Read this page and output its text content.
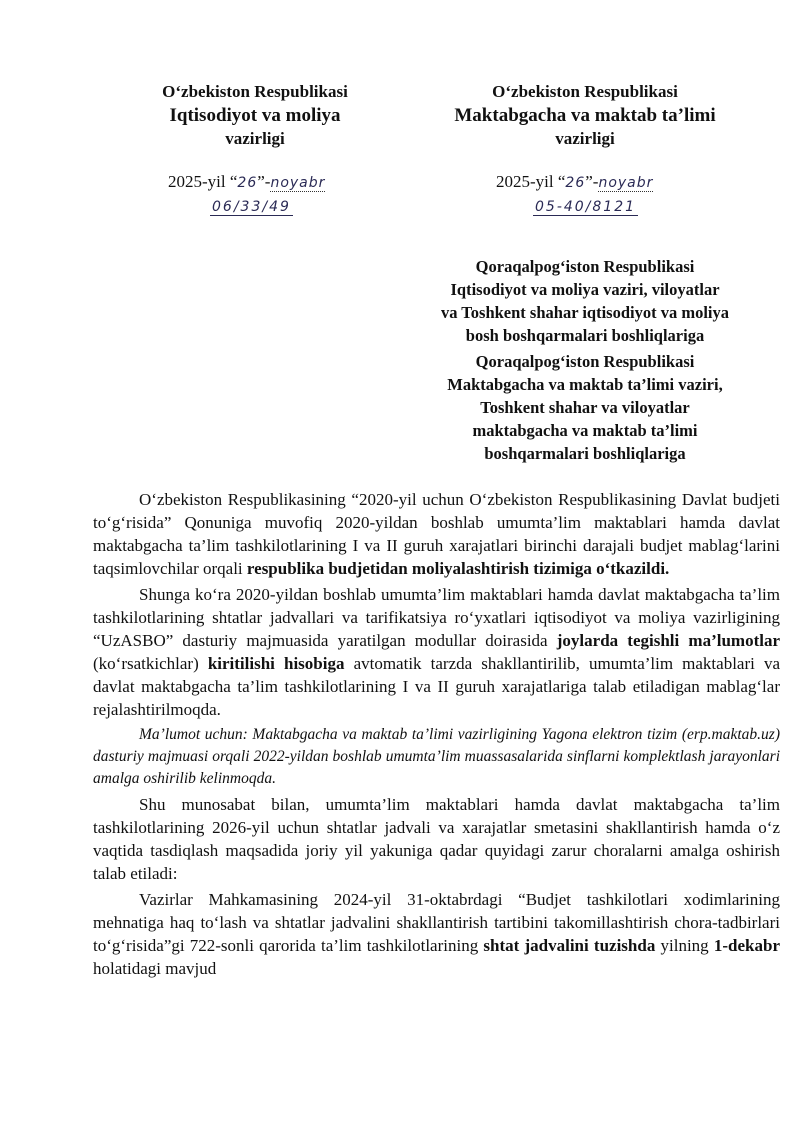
O‘zbekiston Respublikasi
Iqtisodiyot va moliya
vazirligi
O‘zbekiston Respublikasi
Maktabgacha va maktab ta’limi
vazirligi
2025-yil “26”-noyabr
06/33/49
2025-yil “26”-noyabr
05-40/8121
Qoraqalpog‘iston Respublikasi
Iqtisodiyot va moliya vaziri, viloyatlar
va Toshkent shahar iqtisodiyot va moliya
bosh boshqarmalari boshliqlariga
Qoraqalpog‘iston Respublikasi
Maktabgacha va maktab ta’limi vaziri,
Toshkent shahar va viloyatlar
maktabgacha va maktab ta’limi
boshqarmalari boshliqlariga

O‘zbekiston Respublikasining “2020-yil uchun O‘zbekiston Respublikasining Davlat budjeti to‘g‘risida” Qonuniga muvofiq 2020-yildan boshlab umumta’lim maktablari hamda davlat maktabgacha ta’lim tashkilotlarining I va II guruh xarajatlari birinchi darajali budjet mablag‘larini taqsimlovchilar orqali respublika budjetidan moliyalashtirish tizimiga o‘tkazildi.

Shunga ko‘ra 2020-yildan boshlab umumta’lim maktablari hamda davlat maktabgacha ta’lim tashkilotlarining shtatlar jadvallari va tarifikatsiya ro‘yxatlari iqtisodiyot va moliya vazirligining “UzASBO” dasturiy majmuasida yaratilgan modullar doirasida joylarda tegishli ma’lumotlar (ko‘rsatkichlar) kiritilishi hisobiga avtomatik tarzda shakllantirilib, umumta’lim maktablari va davlat maktabgacha ta’lim tashkilotlarining I va II guruh xarajatlariga talab etiladigan mablag‘lar rejalashtirilmoqda.

Ma’lumot uchun: Maktabgacha va maktab ta’limi vazirligining Yagona elektron tizim (erp.maktab.uz) dasturiy majmuasi orqali 2022-yildan boshlab umumta’lim muassasalarida sinflarni komplektlash jarayonlari amalga oshirilib kelinmoqda.

Shu munosabat bilan, umumta’lim maktablari hamda davlat maktabgacha ta’lim tashkilotlarining 2026-yil uchun shtatlar jadvali va xarajatlar smetasini shakllantirish hamda o‘z vaqtida tasdiqlash maqsadida joriy yil yakuniga qadar quyidagi zarur choralarni amalga oshirish talab etiladi:

Vazirlar Mahkamasining 2024-yil 31-oktabrdagi “Budjet tashkilotlari xodimlarining mehnatiga haq to‘lash va shtatlar jadvalini shakllantirish tartibini takomillashtirish chora-tadbirlari to‘g‘risida”gi 722-sonli qarorida ta’lim tashkilotlarining shtat jadvalini tuzishda yilning 1-dekabr holatidagi mavjud
